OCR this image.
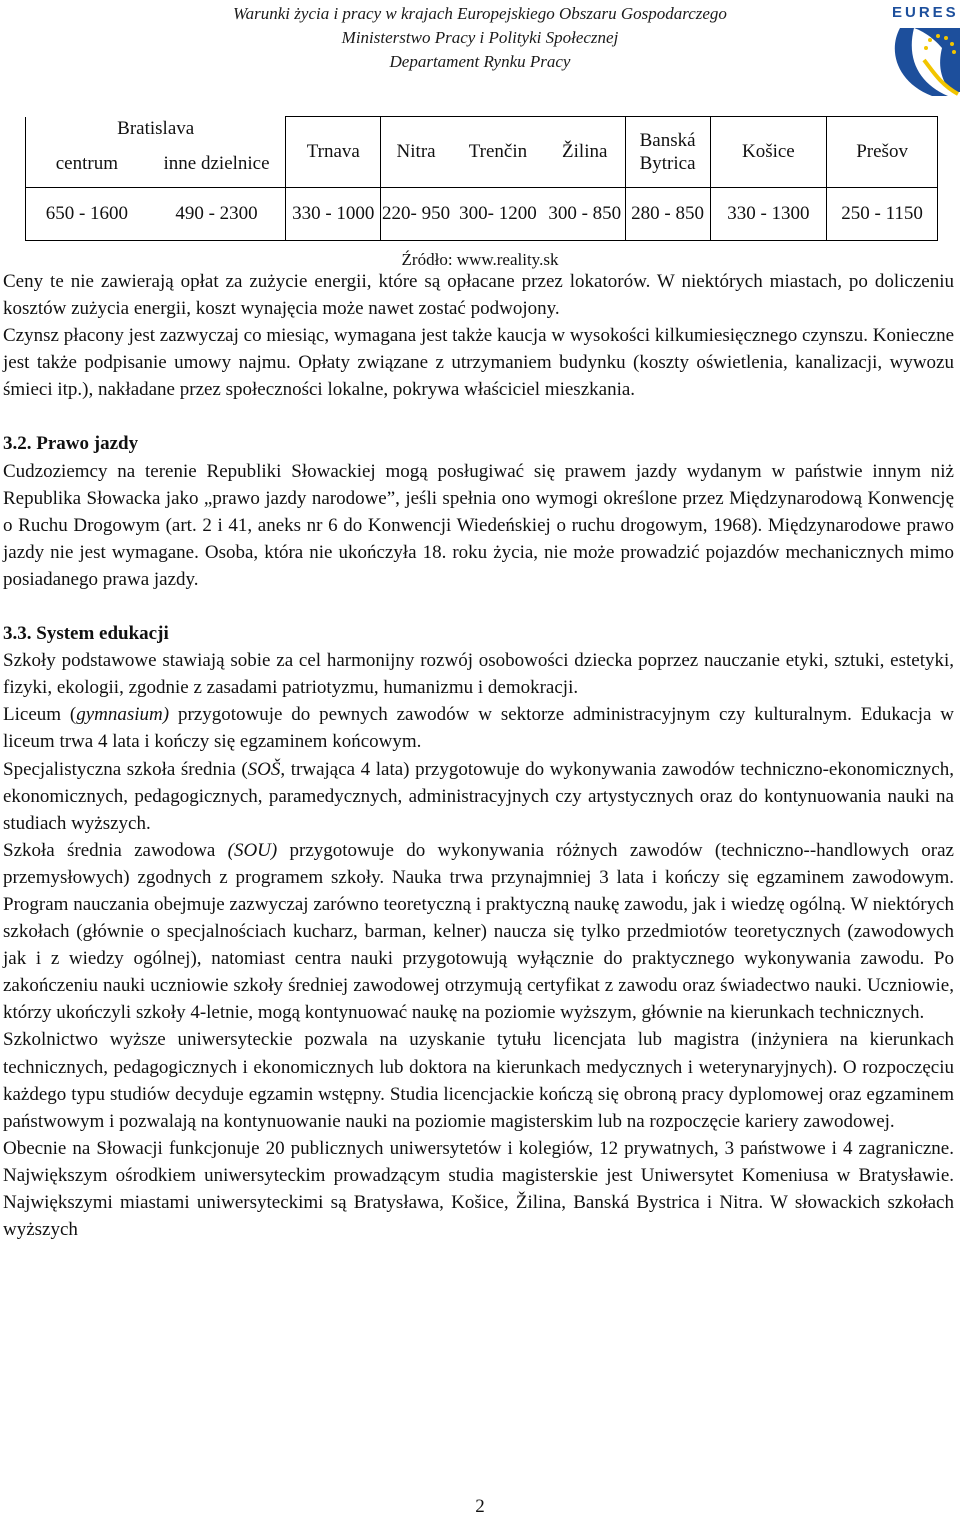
Warunki życia i pracy w krajach Europejskiego Obszaru Gospodarczego
Ministerstwo Pracy i Polityki Społecznej
Departament Rynku Pracy
EURES
Bratislava		Trnava	Nitra	Trenčin	Žilina	Banská Bytrica	Košice	Prešov
centrum	inne dzielnice							
650 - 1600	490 - 2300	330 - 1000	220- 950	300- 1200	300 - 850	280 - 850	330 - 1300	250 - 1150
Źródło: www.reality.sk

Ceny te nie zawierają opłat za zużycie energii, które są opłacane przez lokatorów. W niektórych miastach, po doliczeniu kosztów zużycia energii, koszt wynajęcia może nawet zostać podwojony.

Czynsz płacony jest zazwyczaj co miesiąc, wymagana jest także kaucja w wysokości kilkumiesięcznego czynszu. Konieczne jest także podpisanie umowy najmu. Opłaty związane z utrzymaniem budynku (koszty oświetlenia, kanalizacji, wywozu śmieci itp.), nakładane przez społeczności lokalne, pokrywa właściciel mieszkania.

3.2. Prawo jazdy

Cudzoziemcy na terenie Republiki Słowackiej mogą posługiwać się prawem jazdy wydanym w państwie innym niż Republika Słowacka jako „prawo jazdy narodowe”, jeśli spełnia ono wymogi określone przez Międzynarodową Konwencję o Ruchu Drogowym (art. 2 i 41, aneks nr 6 do Konwencji Wiedeńskiej o ruchu drogowym, 1968). Międzynarodowe prawo jazdy nie jest wymagane. Osoba, która nie ukończyła 18. roku życia, nie może prowadzić pojazdów mechanicznych mimo posiadanego prawa jazdy.

3.3. System edukacji

Szkoły podstawowe stawiają sobie za cel harmonijny rozwój osobowości dziecka poprzez nauczanie etyki, sztuki, estetyki, fizyki, ekologii, zgodnie z zasadami patriotyzmu, humanizmu i demokracji.

Liceum (gymnasium) przygotowuje do pewnych zawodów w sektorze administracyjnym czy kulturalnym. Edukacja w liceum trwa 4 lata i kończy się egzaminem końcowym.

Specjalistyczna szkoła średnia (SOŠ, trwająca 4 lata) przygotowuje do wykonywania zawodów techniczno-ekonomicznych, ekonomicznych, pedagogicznych, paramedycznych, administracyjnych czy artystycznych oraz do kontynuowania nauki na studiach wyższych.

Szkoła średnia zawodowa (SOU) przygotowuje do wykonywania różnych zawodów (techniczno--handlowych oraz przemysłowych) zgodnych z programem szkoły. Nauka trwa przynajmniej 3 lata i kończy się egzaminem zawodowym. Program nauczania obejmuje zazwyczaj zarówno teoretyczną i praktyczną naukę zawodu, jak i wiedzę ogólną. W niektórych szkołach (głównie o specjalnościach kucharz, barman, kelner) naucza się tylko przedmiotów teoretycznych (zawodowych jak i z wiedzy ogólnej), natomiast centra nauki przygotowują wyłącznie do praktycznego wykonywania zawodu. Po zakończeniu nauki uczniowie szkoły średniej zawodowej otrzymują certyfikat z zawodu oraz świadectwo nauki. Uczniowie, którzy ukończyli szkoły 4-letnie, mogą kontynuować naukę na poziomie wyższym, głównie na kierunkach technicznych.

Szkolnictwo wyższe uniwersyteckie pozwala na uzyskanie tytułu licencjata lub magistra (inżyniera na kierunkach technicznych, pedagogicznych i ekonomicznych lub doktora na kierunkach medycznych i weterynaryjnych). O rozpoczęciu każdego typu studiów decyduje egzamin wstępny. Studia licencjackie kończą się obroną pracy dyplomowej oraz egzaminem państwowym i pozwalają na kontynuowanie nauki na poziomie magisterskim lub na rozpoczęcie kariery zawodowej.

Obecnie na Słowacji funkcjonuje 20 publicznych uniwersytetów i kolegiów, 12 prywatnych, 3 państwowe i 4 zagraniczne. Największym ośrodkiem uniwersyteckim prowadzącym studia magisterskie jest Uniwersytet Komeniusa w Bratysławie. Największymi miastami uniwersyteckimi są Bratysława, Košice, Žilina, Banská Bystrica i Nitra. W słowackich szkołach wyższych

2
